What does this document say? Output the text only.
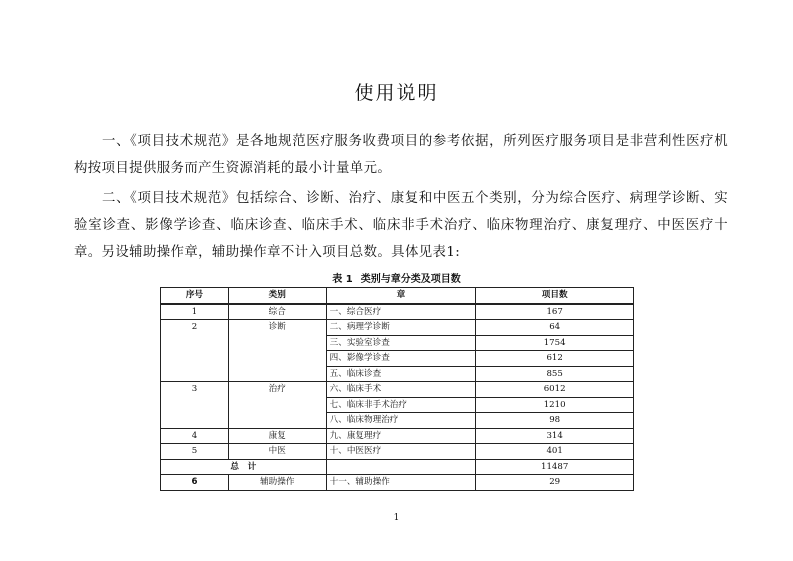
使用说明

一、《项目技术规范》是各地规范医疗服务收费项目的参考依据，所列医疗服务项目是非营利性医疗机构按项目提供服务而产生资源消耗的最小计量单元。

二、《项目技术规范》包括综合、诊断、治疗、康复和中医五个类别，分为综合医疗、病理学诊断、实验室诊查、影像学诊查、临床诊查、临床手术、临床非手术治疗、临床物理治疗、康复理疗、中医医疗十章。另设辅助操作章，辅助操作章不计入项目总数。具体见表1:

表 1 类别与章分类及项目数

序号	类别	章	项目数
1	综合	一、综合医疗	167
2	诊断	二、病理学诊断	64
		三、实验室诊查	1754
		四、影像学诊查	612
		五、临床诊查	855
3	治疗	六、临床手术	6012
		七、临床非手术治疗	1210
		八、临床物理治疗	98
4	康复	九、康复理疗	314
5	中医	十、中医医疗	401
总　计			11487
6	辅助操作	十一、辅助操作	29

1
